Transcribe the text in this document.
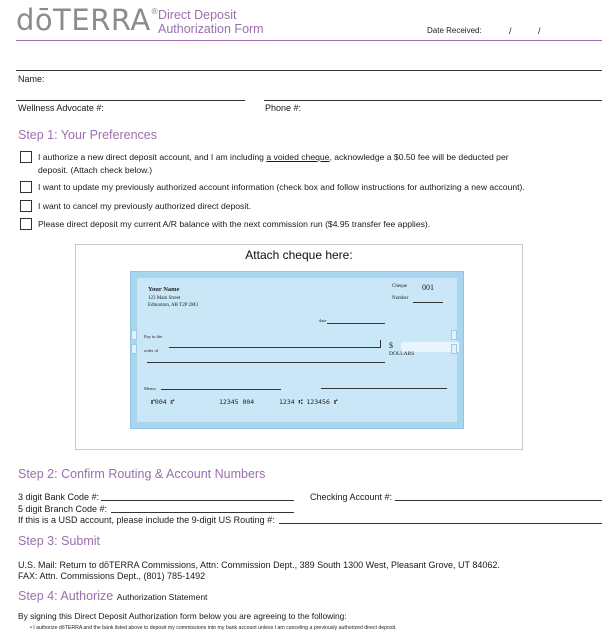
dōTERRA®
Direct Deposit
Authorization Form	Date Received:	/	/
Name:
Wellness Advocate #:	Phone #:
Step 1: Your Preferences
I authorize a new direct deposit account, and I am including a voided cheque, acknowledge a $0.50 fee will be deducted per
deposit. (Attach check below.)
I want to update my previously authorized account information (check box and follow instructions for authorizing a new account).
I want to cancel my previously authorized direct deposit.
Please direct deposit my current A/R balance with the next commission run ($4.95 transfer fee applies).
Attach cheque here:
Your Name
123 Main Street
Edmonton, AB T2P 2M3
Cheque
Number
001
date
Pay to the
order of
$
DOLLARS
Memo
⑈004 ⑈	12345 004	1234 ⑆ 123456 ⑈
Step 2: Confirm Routing & Account Numbers
3 digit Bank Code #:	Checking Account #:
5 digit Branch Code #:
If this is a USD account, please include the 9-digit US Routing #:
Step 3: Submit
U.S. Mail: Return to dōTERRA Commissions, Attn: Commission Dept., 389 South 1300 West, Pleasant Grove, UT 84062.
FAX: Attn. Commissions Dept., (801) 785-1492
Step 4: Authorize Authorization Statement
By signing this Direct Deposit Authorization form below you are agreeing to the following:
• I authorize dōTERRA and the bank listed above to deposit my commissions into my bank account unless I am canceling a previously authorized direct deposit.
